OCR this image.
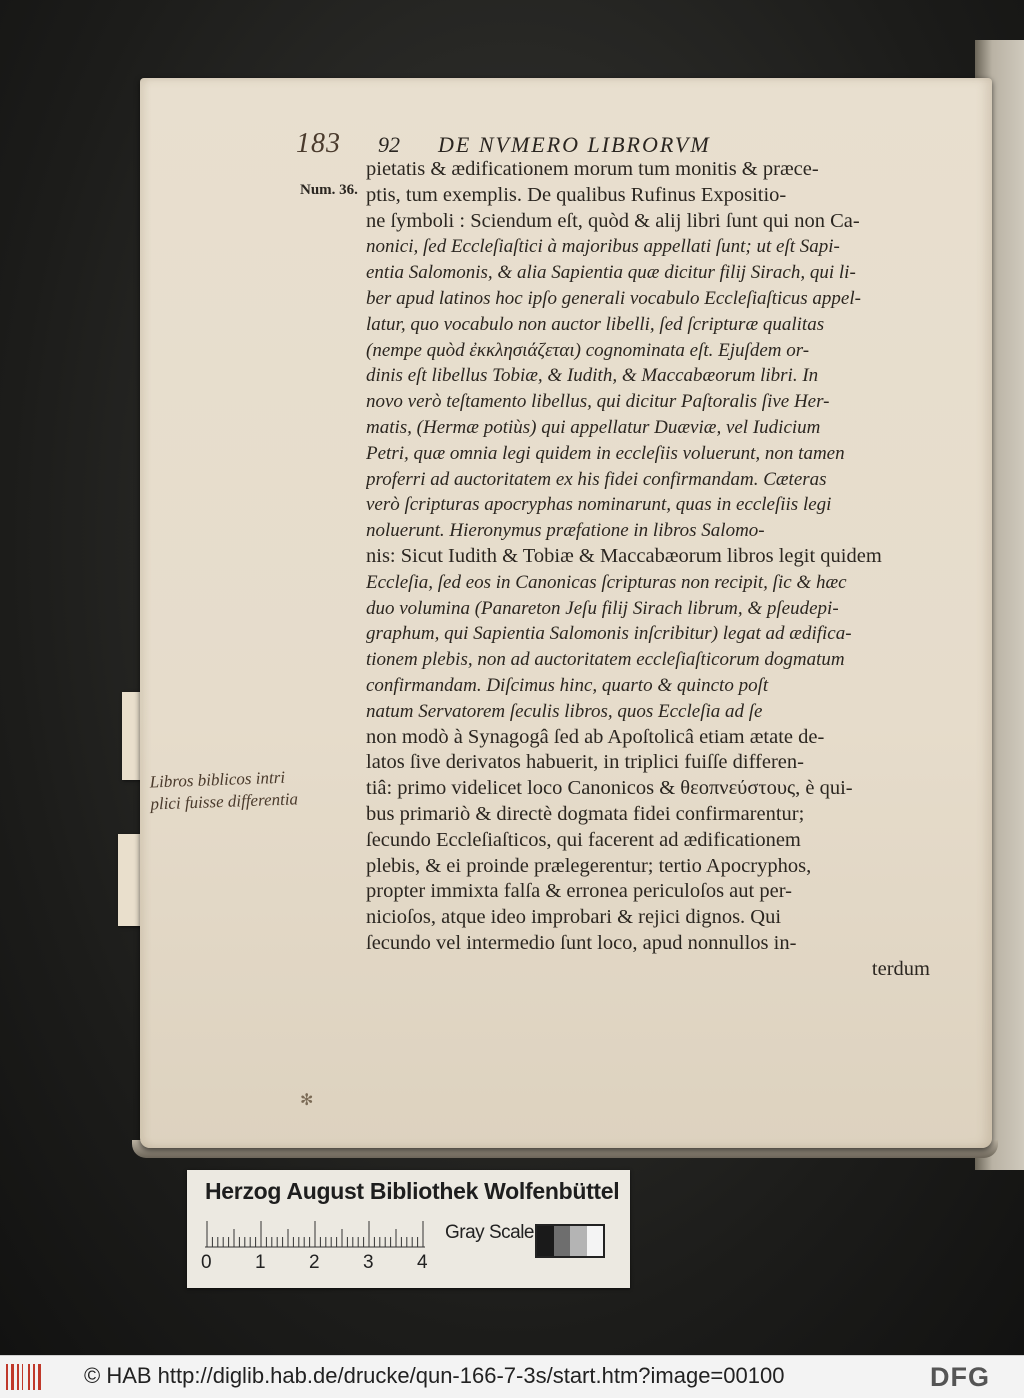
183 92 DE NVMERO LIBRORVM
Num. 36.
Libros biblicos intri
plici fuisse differentia
pietatis & ædificationem morum tum monitis & præce-
ptis, tum exemplis. De qualibus Rufinus Expositio-
ne ſymboli : Sciendum eſt, quòd & alij libri ſunt qui non Ca-
nonici, ſed Eccleſiaſtici à majoribus appellati ſunt; ut eſt Sapi-
entia Salomonis, & alia Sapientia quæ dicitur filij Sirach, qui li-
ber apud latinos hoc ipſo generali vocabulo Eccleſiaſticus appel-
latur, quo vocabulo non auctor libelli, ſed ſcripturæ qualitas
(nempe quòd ἐκκλησιάζεται) cognominata eſt. Ejuſdem or-
dinis eſt libellus Tobiæ, & Iudith, & Maccabæorum libri. In
novo verò teſtamento libellus, qui dicitur Paſtoralis ſive Her-
matis, (Hermæ potiùs) qui appellatur Duæviæ, vel Iudicium
Petri, quæ omnia legi quidem in eccleſiis voluerunt, non tamen
proferri ad auctoritatem ex his fidei confirmandam. Cæteras
verò ſcripturas apocryphas nominarunt, quas in eccleſiis legi
noluerunt. Hieronymus præfatione in libros Salomo-
nis: Sicut Iudith & Tobiæ & Maccabæorum libros legit quidem
Eccleſia, ſed eos in Canonicas ſcripturas non recipit, ſic & hæc
duo volumina (Panareton Jeſu filij Sirach librum, & pſeudepi-
graphum, qui Sapientia Salomonis inſcribitur) legat ad ædifica-
tionem plebis, non ad auctoritatem eccleſiaſticorum dogmatum
confirmandam. Diſcimus hinc, quarto & quincto poſt
natum Servatorem ſeculis libros, quos Eccleſia ad ſe
non modò à Synagogâ ſed ab Apoſtolicâ etiam ætate de-
latos ſive derivatos habuerit, in triplici fuiſſe differen-
tiâ: primo videlicet loco Canonicos & θεοπνεύστους, è qui-
bus primariò & directè dogmata fidei confirmarentur;
ſecundo Eccleſiaſticos, qui facerent ad ædificationem
plebis, & ei proinde prælegerentur; tertio Apocryphos,
propter immixta falſa & erronea periculoſos aut per-
nicioſos, atque ideo improbari & rejici dignos. Qui
ſecundo vel intermedio ſunt loco, apud nonnullos in-
terdum
✻
Herzog August Bibliothek Wolfenbüttel
0 1 2 3 4
Gray Scale
© HAB http://diglib.hab.de/drucke/qun-166-7-3s/start.htm?image=00100	DFG
